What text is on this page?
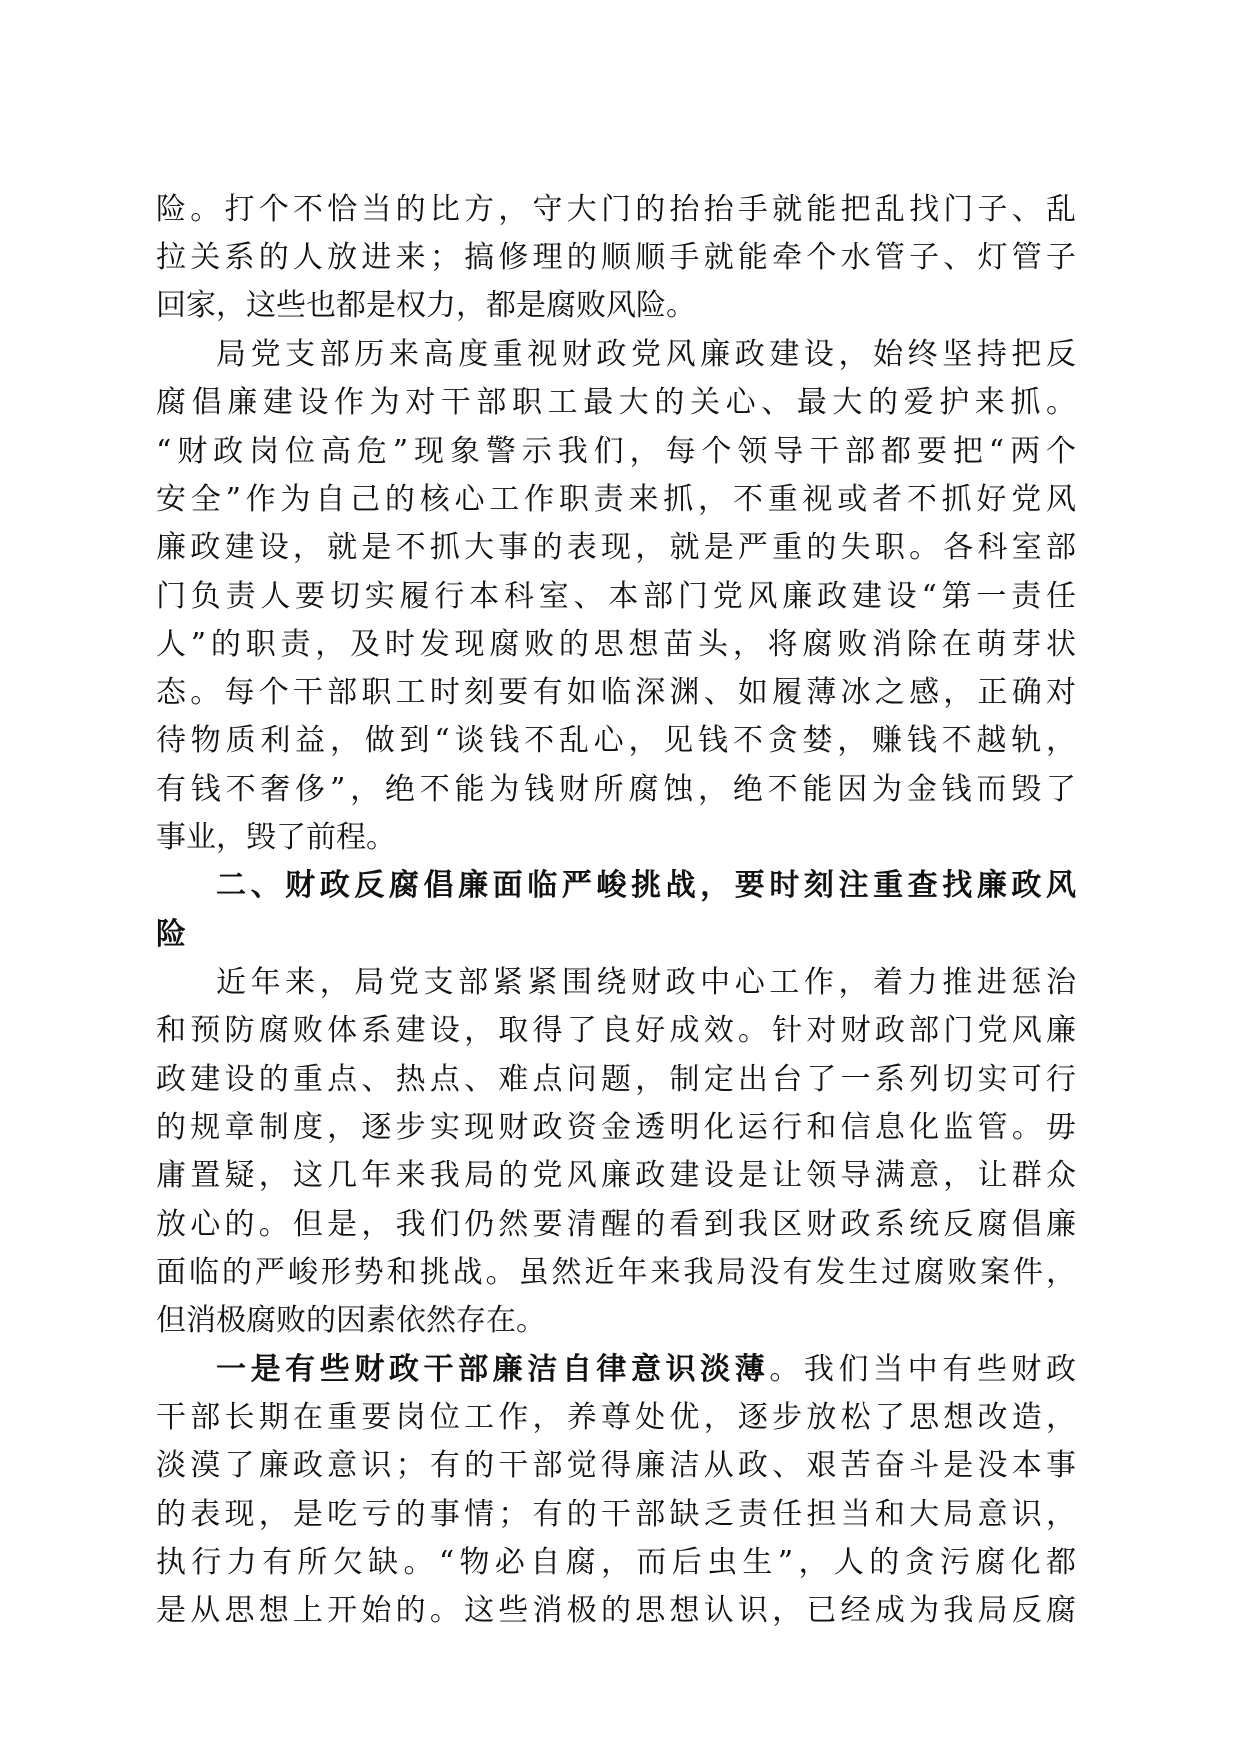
险。打个不恰当的比方，守大门的抬抬手就能把乱找门子、乱
拉关系的人放进来；搞修理的顺顺手就能牵个水管子、灯管子
回家，这些也都是权力，都是腐败风险。
局党支部历来高度重视财政党风廉政建设，始终坚持把反
腐倡廉建设作为对干部职工最大的关心、最大的爱护来抓。
“财政岗位高危”现象警示我们，每个领导干部都要把“两个
安全”作为自己的核心工作职责来抓，不重视或者不抓好党风
廉政建设，就是不抓大事的表现，就是严重的失职。各科室部
门负责人要切实履行本科室、本部门党风廉政建设“第一责任
人”的职责，及时发现腐败的思想苗头，将腐败消除在萌芽状
态。每个干部职工时刻要有如临深渊、如履薄冰之感，正确对
待物质利益，做到“谈钱不乱心，见钱不贪婪，赚钱不越轨，
有钱不奢侈”，绝不能为钱财所腐蚀，绝不能因为金钱而毁了
事业，毁了前程。
二、财政反腐倡廉面临严峻挑战，要时刻注重查找廉政风
险
近年来，局党支部紧紧围绕财政中心工作，着力推进惩治
和预防腐败体系建设，取得了良好成效。针对财政部门党风廉
政建设的重点、热点、难点问题，制定出台了一系列切实可行
的规章制度，逐步实现财政资金透明化运行和信息化监管。毋
庸置疑，这几年来我局的党风廉政建设是让领导满意，让群众
放心的。但是，我们仍然要清醒的看到我区财政系统反腐倡廉
面临的严峻形势和挑战。虽然近年来我局没有发生过腐败案件，
但消极腐败的因素依然存在。
一是有些财政干部廉洁自律意识淡薄。我们当中有些财政
干部长期在重要岗位工作，养尊处优，逐步放松了思想改造，
淡漠了廉政意识；有的干部觉得廉洁从政、艰苦奋斗是没本事
的表现，是吃亏的事情；有的干部缺乏责任担当和大局意识，
执行力有所欠缺。“物必自腐，而后虫生”，人的贪污腐化都
是从思想上开始的。这些消极的思想认识，已经成为我局反腐
